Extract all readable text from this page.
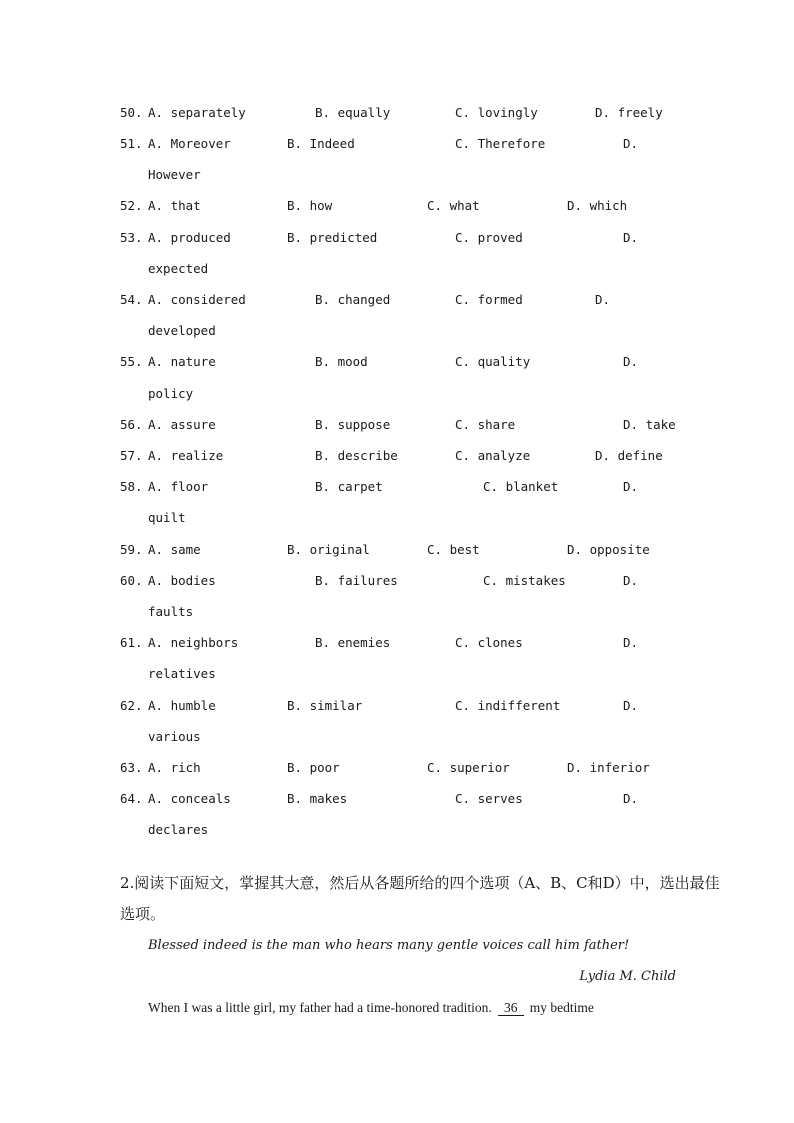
50. A. separately	B. equally	C. lovingly	D. freely
51. A. Moreover	B. Indeed	C. Therefore	D.
However
52. A. that	B. how	C. what	D. which
53. A. produced	B. predicted	C. proved	D.
expected
54. A. considered	B. changed	C. formed	D.
developed
55. A. nature	B. mood	C. quality	D.
policy
56. A. assure	B. suppose	C. share	D. take
57. A. realize	B. describe	C. analyze	D. define
58. A. floor	B. carpet	C. blanket	D.
quilt
59. A. same	B. original	C. best	D. opposite
60. A. bodies	B. failures	C. mistakes	D.
faults
61. A. neighbors	B. enemies	C. clones	D.
relatives
62. A. humble	B. similar	C. indifferent	D.
various
63. A. rich	B. poor	C. superior	D. inferior
64. A. conceals	B. makes	C. serves	D.
declares
2.阅读下面短文，掌握其大意，然后从各题所给的四个选项（A、B、C和D）中，选出最佳
选项。
Blessed indeed is the man who hears many gentle voices call him father!
Lydia M. Child
When I was a little girl, my father had a time-honored tradition. 36 my bedtime
